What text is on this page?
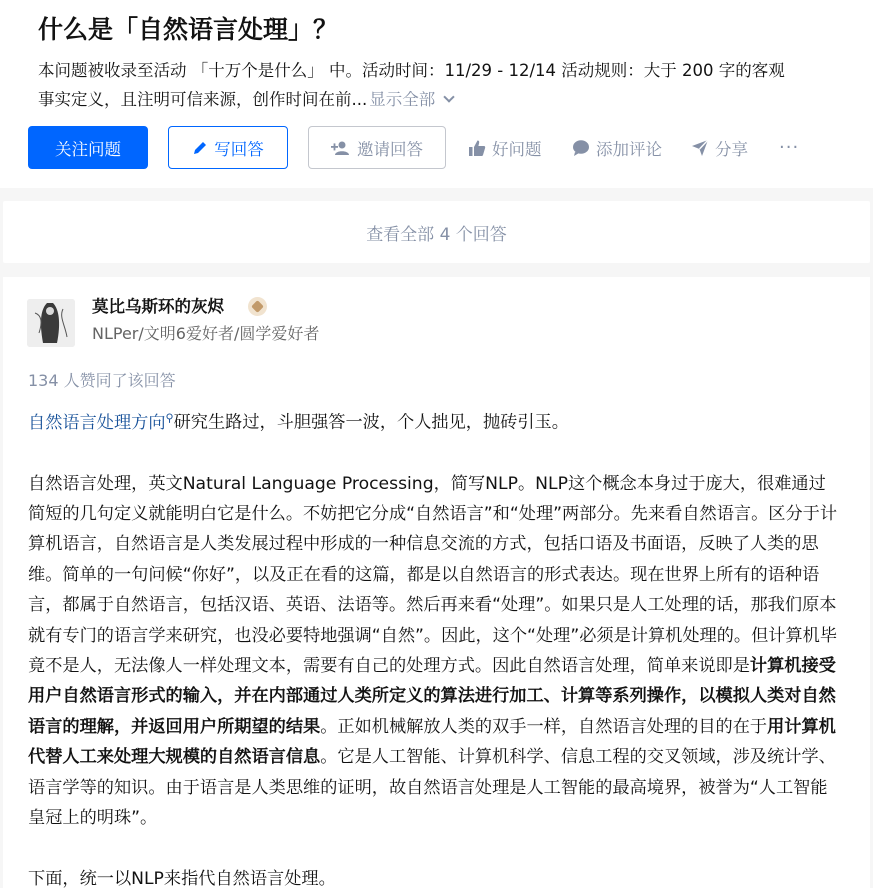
什么是「自然语言处理」？
本问题被收录至活动 「十万个是什么」 中。活动时间：11/29 - 12/14 活动规则：大于 200 字的客观
事实定义，且注明可信来源，创作时间在前... 显示全部
关注问题	写回答	邀请回答	好问题	添加评论	分享 ···
查看全部 4 个回答
莫比乌斯环的灰烬
NLPer/文明6爱好者/圆学爱好者
134 人赞同了该回答

自然语言处理方向⚲研究生路过，斗胆强答一波，个人拙见，抛砖引玉。

自然语言处理，英文Natural Language Processing，简写NLP。NLP这个概念本身过于庞大，很难通过简短的几句定义就能明白它是什么。不妨把它分成“自然语言”和“处理”两部分。先来看自然语言。区分于计算机语言，自然语言是人类发展过程中形成的一种信息交流的方式，包括口语及书面语，反映了人类的思维。简单的一句问候“你好”，以及正在看的这篇，都是以自然语言的形式表达。现在世界上所有的语种语言，都属于自然语言，包括汉语、英语、法语等。然后再来看“处理”。如果只是人工处理的话，那我们原本就有专门的语言学来研究，也没必要特地强调“自然”。因此，这个“处理”必须是计算机处理的。但计算机毕竟不是人，无法像人一样处理文本，需要有自己的处理方式。因此自然语言处理，简单来说即是计算机接受用户自然语言形式的输入，并在内部通过人类所定义的算法进行加工、计算等系列操作，以模拟人类对自然语言的理解，并返回用户所期望的结果。正如机械解放人类的双手一样，自然语言处理的目的在于用计算机代替人工来处理大规模的自然语言信息。它是人工智能、计算机科学、信息工程的交叉领域，涉及统计学、语言学等的知识。由于语言是人类思维的证明，故自然语言处理是人工智能的最高境界，被誉为“人工智能皇冠上的明珠”。

下面，统一以NLP来指代自然语言处理。
